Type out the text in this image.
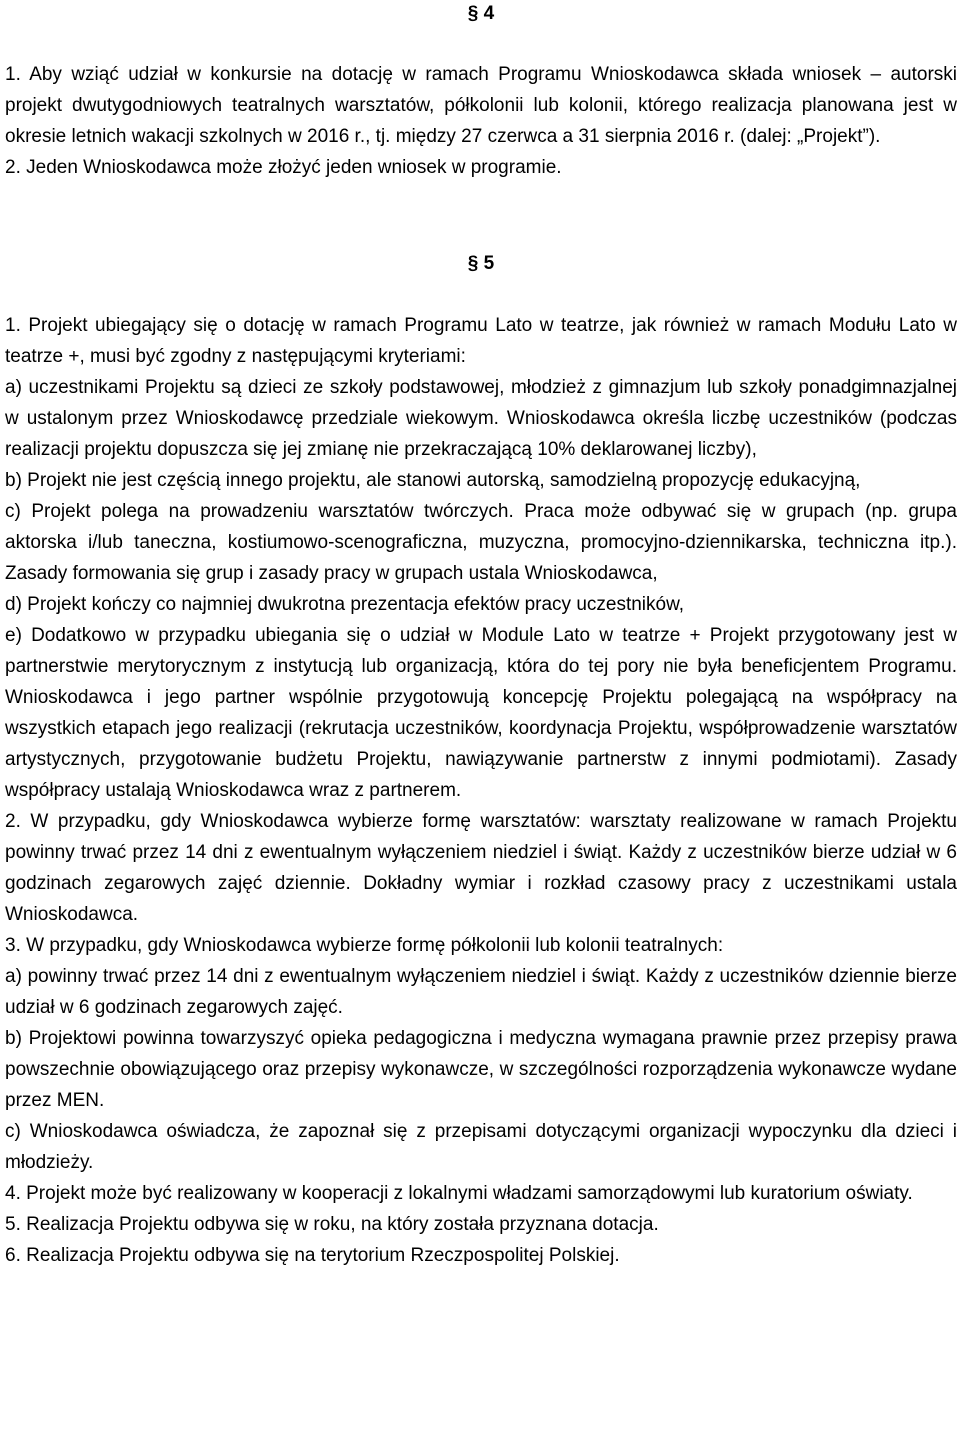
§ 4

1. Aby wziąć udział w konkursie na dotację w ramach Programu Wnioskodawca składa wniosek – autorski projekt dwutygodniowych teatralnych warsztatów, półkolonii lub kolonii, którego realizacja planowana jest w okresie letnich wakacji szkolnych w 2016 r., tj. między 27 czerwca a 31 sierpnia 2016 r. (dalej: „Projekt”).

2. Jeden Wnioskodawca może złożyć jeden wniosek w programie.

§ 5

1. Projekt ubiegający się o dotację w ramach Programu Lato w teatrze, jak również w ramach Modułu Lato w teatrze +, musi być zgodny z następującymi kryteriami:

a) uczestnikami Projektu są dzieci ze szkoły podstawowej, młodzież z gimnazjum lub szkoły ponadgimnazjalnej w ustalonym przez Wnioskodawcę przedziale wiekowym. Wnioskodawca określa liczbę uczestników (podczas realizacji projektu dopuszcza się jej zmianę nie przekraczającą 10% deklarowanej liczby),

b) Projekt nie jest częścią innego projektu, ale stanowi autorską, samodzielną propozycję edukacyjną,

c) Projekt polega na prowadzeniu warsztatów twórczych. Praca może odbywać się w grupach (np. grupa aktorska i/lub taneczna, kostiumowo-scenograficzna, muzyczna, promocyjno-dziennikarska, techniczna itp.). Zasady formowania się grup i zasady pracy w grupach ustala Wnioskodawca,

d) Projekt kończy co najmniej dwukrotna prezentacja efektów pracy uczestników,

e) Dodatkowo w przypadku ubiegania się o udział w Module Lato w teatrze + Projekt przygotowany jest w partnerstwie merytorycznym z instytucją lub organizacją, która do tej pory nie była beneficjentem Programu. Wnioskodawca i jego partner wspólnie przygotowują koncepcję Projektu polegającą na współpracy na wszystkich etapach jego realizacji (rekrutacja uczestników, koordynacja Projektu, współprowadzenie warsztatów artystycznych, przygotowanie budżetu Projektu, nawiązywanie partnerstw z innymi podmiotami). Zasady współpracy ustalają Wnioskodawca wraz z partnerem.

2. W przypadku, gdy Wnioskodawca wybierze formę warsztatów: warsztaty realizowane w ramach Projektu powinny trwać przez 14 dni z ewentualnym wyłączeniem niedziel i świąt. Każdy z uczestników bierze udział w 6 godzinach zegarowych zajęć dziennie. Dokładny wymiar i rozkład czasowy pracy z uczestnikami ustala Wnioskodawca.

3. W przypadku, gdy Wnioskodawca wybierze formę półkolonii lub kolonii teatralnych:

a) powinny trwać przez 14 dni z ewentualnym wyłączeniem niedziel i świąt. Każdy z uczestników dziennie bierze udział w 6 godzinach zegarowych zajęć.

b) Projektowi powinna towarzyszyć opieka pedagogiczna i medyczna wymagana prawnie przez przepisy prawa powszechnie obowiązującego oraz przepisy wykonawcze, w szczególności rozporządzenia wykonawcze wydane przez MEN.

c) Wnioskodawca oświadcza, że zapoznał się z przepisami dotyczącymi organizacji wypoczynku dla dzieci i młodzieży.

4. Projekt może być realizowany w kooperacji z lokalnymi władzami samorządowymi lub kuratorium oświaty.

5. Realizacja Projektu odbywa się w roku, na który została przyznana dotacja.

6. Realizacja Projektu odbywa się na terytorium Rzeczpospolitej Polskiej.
